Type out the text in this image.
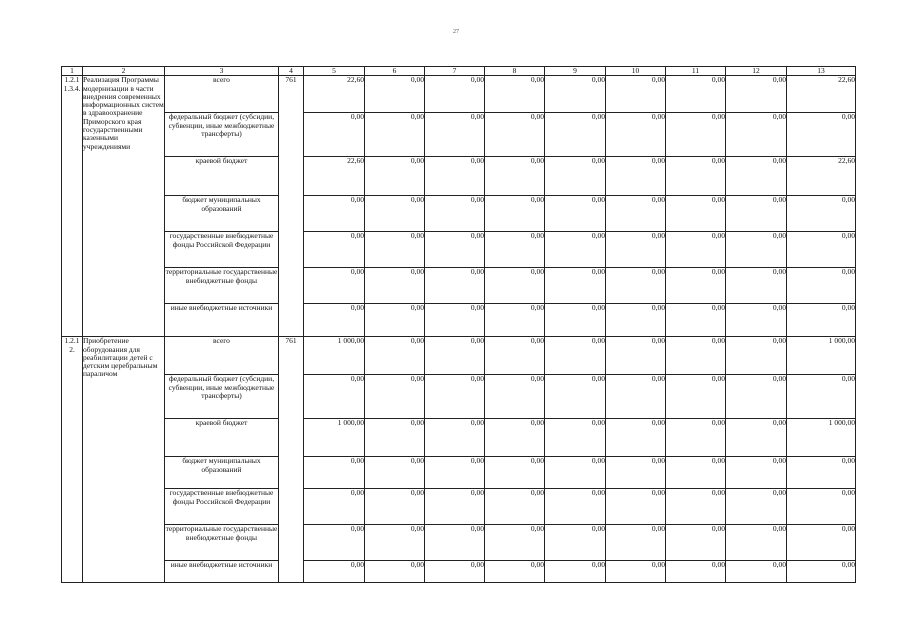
27
1	2	3	4	5	6	7	8	9	10	11	12	13
1.2.1 1.3.4.	Реализация Программы модернизации в части внедрения современных информационных систем в здравоохранение Приморского края государственными казенными учреждениями	всего	761	22,60	0,00	0,00	0,00	0,00	0,00	0,00	0,00	22,60
		федеральный бюджет (субсидии, субвенции, иные межбюджетные трансферты)		0,00	0,00	0,00	0,00	0,00	0,00	0,00	0,00	0,00
		краевой бюджет		22,60	0,00	0,00	0,00	0,00	0,00	0,00	0,00	22,60
		бюджет муниципальных образований		0,00	0,00	0,00	0,00	0,00	0,00	0,00	0,00	0,00
		государственные внебюджетные фонды Российской Федерации		0,00	0,00	0,00	0,00	0,00	0,00	0,00	0,00	0,00
		территориальные государственные внебюджетные фонды		0,00	0,00	0,00	0,00	0,00	0,00	0,00	0,00	0,00
		иные внебюджетные источники		0,00	0,00	0,00	0,00	0,00	0,00	0,00	0,00	0,00
1.2.1 2.	Приобретение оборудования для реабилитации детей с детским церебральным параличом	всего	761	1 000,00	0,00	0,00	0,00	0,00	0,00	0,00	0,00	1 000,00
		федеральный бюджет (субсидии, субвенции, иные межбюджетные трансферты)		0,00	0,00	0,00	0,00	0,00	0,00	0,00	0,00	0,00
		краевой бюджет		1 000,00	0,00	0,00	0,00	0,00	0,00	0,00	0,00	1 000,00
		бюджет муниципальных образований		0,00	0,00	0,00	0,00	0,00	0,00	0,00	0,00	0,00
		государственные внебюджетные фонды Российской Федерации		0,00	0,00	0,00	0,00	0,00	0,00	0,00	0,00	0,00
		территориальные государственные внебюджетные фонды		0,00	0,00	0,00	0,00	0,00	0,00	0,00	0,00	0,00
		иные внебюджетные источники		0,00	0,00	0,00	0,00	0,00	0,00	0,00	0,00	0,00
